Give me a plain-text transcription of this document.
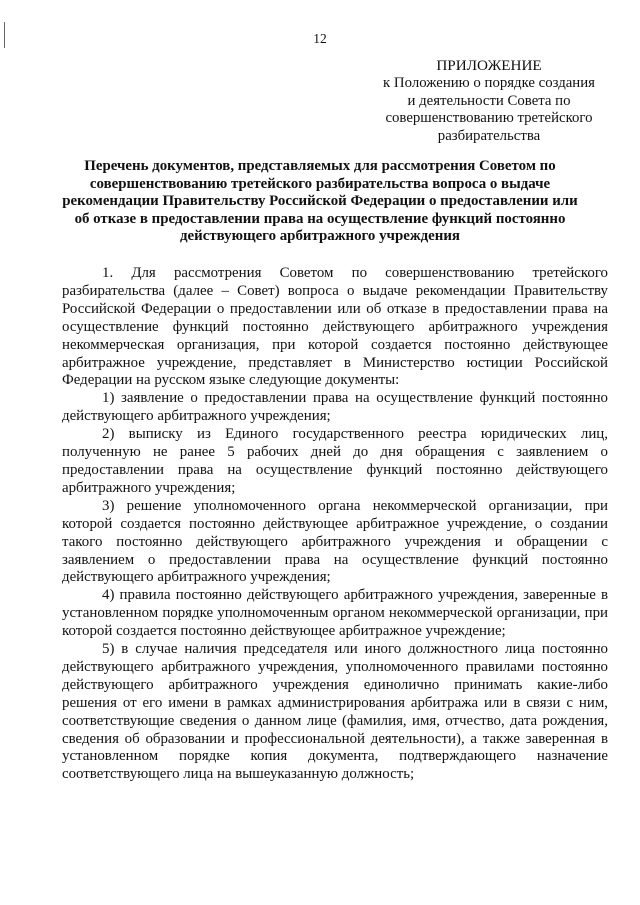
12
ПРИЛОЖЕНИЕ
к Положению о порядке создания
и деятельности Совета по
совершенствованию третейского
разбирательства
Перечень документов, представляемых для рассмотрения Советом по совершенствованию третейского разбирательства вопроса о выдаче рекомендации Правительству Российской Федерации о предоставлении или об отказе в предоставлении права на осуществление функций постоянно действующего арбитражного учреждения

1. Для рассмотрения Советом по совершенствованию третейского разбирательства (далее – Совет) вопроса о выдаче рекомендации Правительству Российской Федерации о предоставлении или об отказе в предоставлении права на осуществление функций постоянно действующего арбитражного учреждения некоммерческая организация, при которой создается постоянно действующее арбитражное учреждение, представляет в Министерство юстиции Российской Федерации на русском языке следующие документы:

1) заявление о предоставлении права на осуществление функций постоянно действующего арбитражного учреждения;

2) выписку из Единого государственного реестра юридических лиц, полученную не ранее 5 рабочих дней до дня обращения с заявлением о предоставлении права на осуществление функций постоянно действующего арбитражного учреждения;

3) решение уполномоченного органа некоммерческой организации, при которой создается постоянно действующее арбитражное учреждение, о создании такого постоянно действующего арбитражного учреждения и обращении с заявлением о предоставлении права на осуществление функций постоянно действующего арбитражного учреждения;

4) правила постоянно действующего арбитражного учреждения, заверенные в установленном порядке уполномоченным органом некоммерческой организации, при которой создается постоянно действующее арбитражное учреждение;

5) в случае наличия председателя или иного должностного лица постоянно действующего арбитражного учреждения, уполномоченного правилами постоянно действующего арбитражного учреждения единолично принимать какие-либо решения от его имени в рамках администрирования арбитража или в связи с ним, соответствующие сведения о данном лице (фамилия, имя, отчество, дата рождения, сведения об образовании и профессиональной деятельности), а также заверенная в установленном порядке копия документа, подтверждающего назначение соответствующего лица на вышеуказанную должность;
